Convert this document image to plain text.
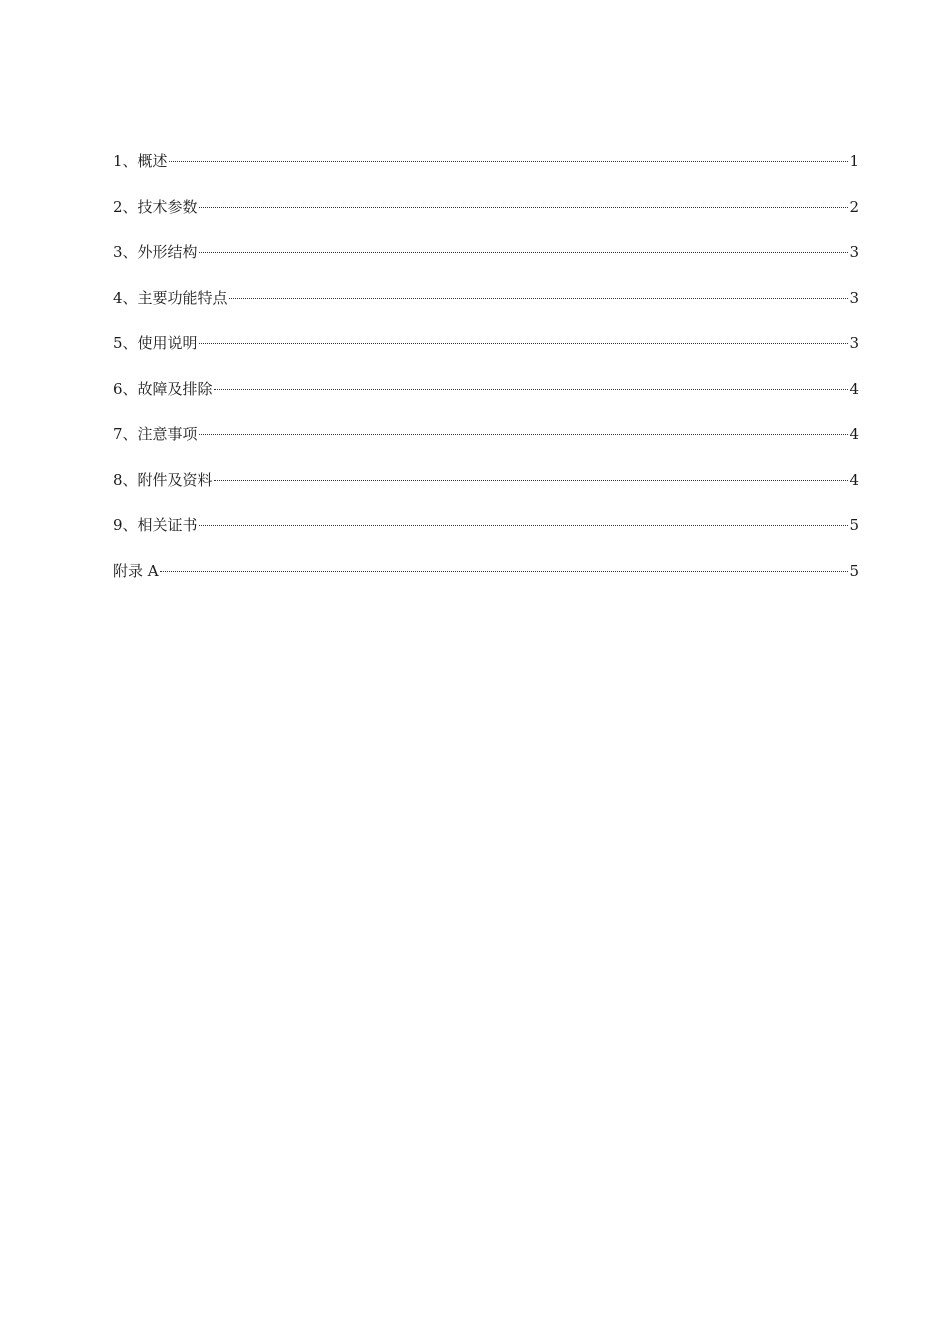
1、概述	1
2、技术参数	2
3、外形结构	3
4、主要功能特点	3
5、使用说明	3
6、故障及排除	4
7、注意事项	4
8、附件及资料	4
9、相关证书	5
附录 A	5
